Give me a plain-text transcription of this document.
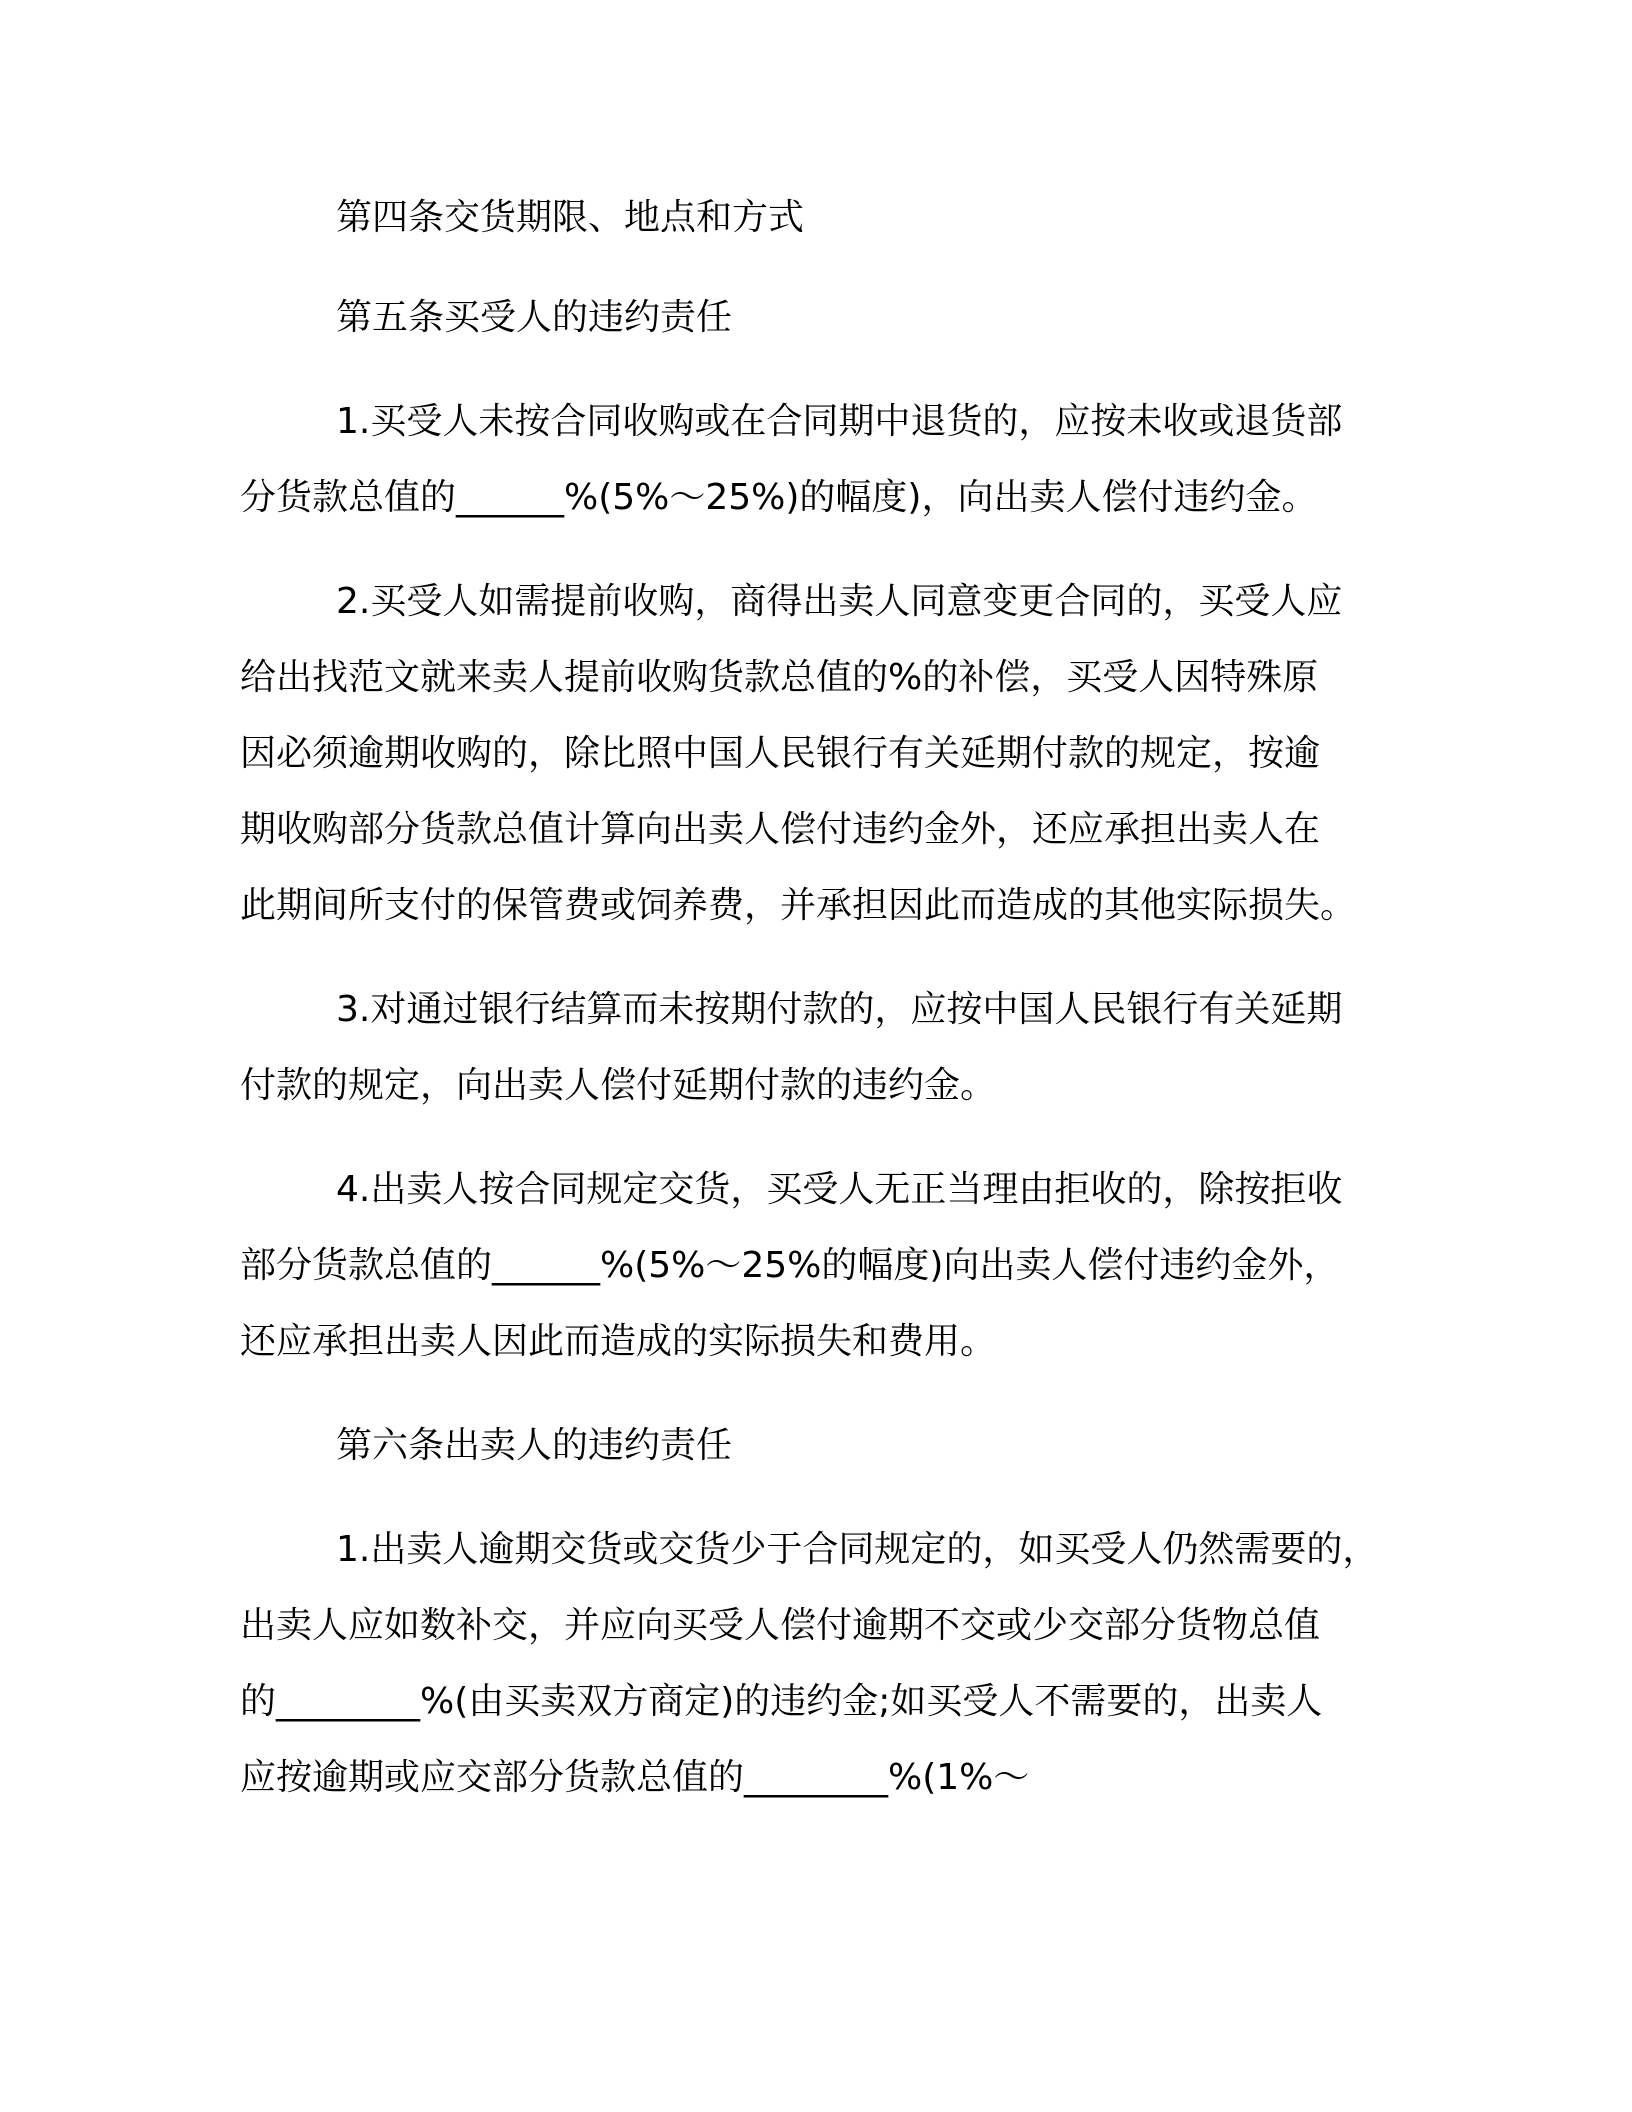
第四条交货期限、地点和方式
第五条买受人的违约责任
1.买受人未按合同收购或在合同期中退货的，应按未收或退货部
分货款总值的______%(5%～25%)的幅度)，向出卖人偿付违约金。
2.买受人如需提前收购，商得出卖人同意变更合同的，买受人应
给出找范文就来卖人提前收购货款总值的%的补偿，买受人因特殊原
因必须逾期收购的，除比照中国人民银行有关延期付款的规定，按逾
期收购部分货款总值计算向出卖人偿付违约金外，还应承担出卖人在
此期间所支付的保管费或饲养费，并承担因此而造成的其他实际损失。
3.对通过银行结算而未按期付款的，应按中国人民银行有关延期
付款的规定，向出卖人偿付延期付款的违约金。
4.出卖人按合同规定交货，买受人无正当理由拒收的，除按拒收
部分货款总值的______%(5%～25%的幅度)向出卖人偿付违约金外，
还应承担出卖人因此而造成的实际损失和费用。
第六条出卖人的违约责任
1.出卖人逾期交货或交货少于合同规定的，如买受人仍然需要的，
出卖人应如数补交，并应向买受人偿付逾期不交或少交部分货物总值
的________%(由买卖双方商定)的违约金;如买受人不需要的，出卖人
应按逾期或应交部分货款总值的________%(1%～
